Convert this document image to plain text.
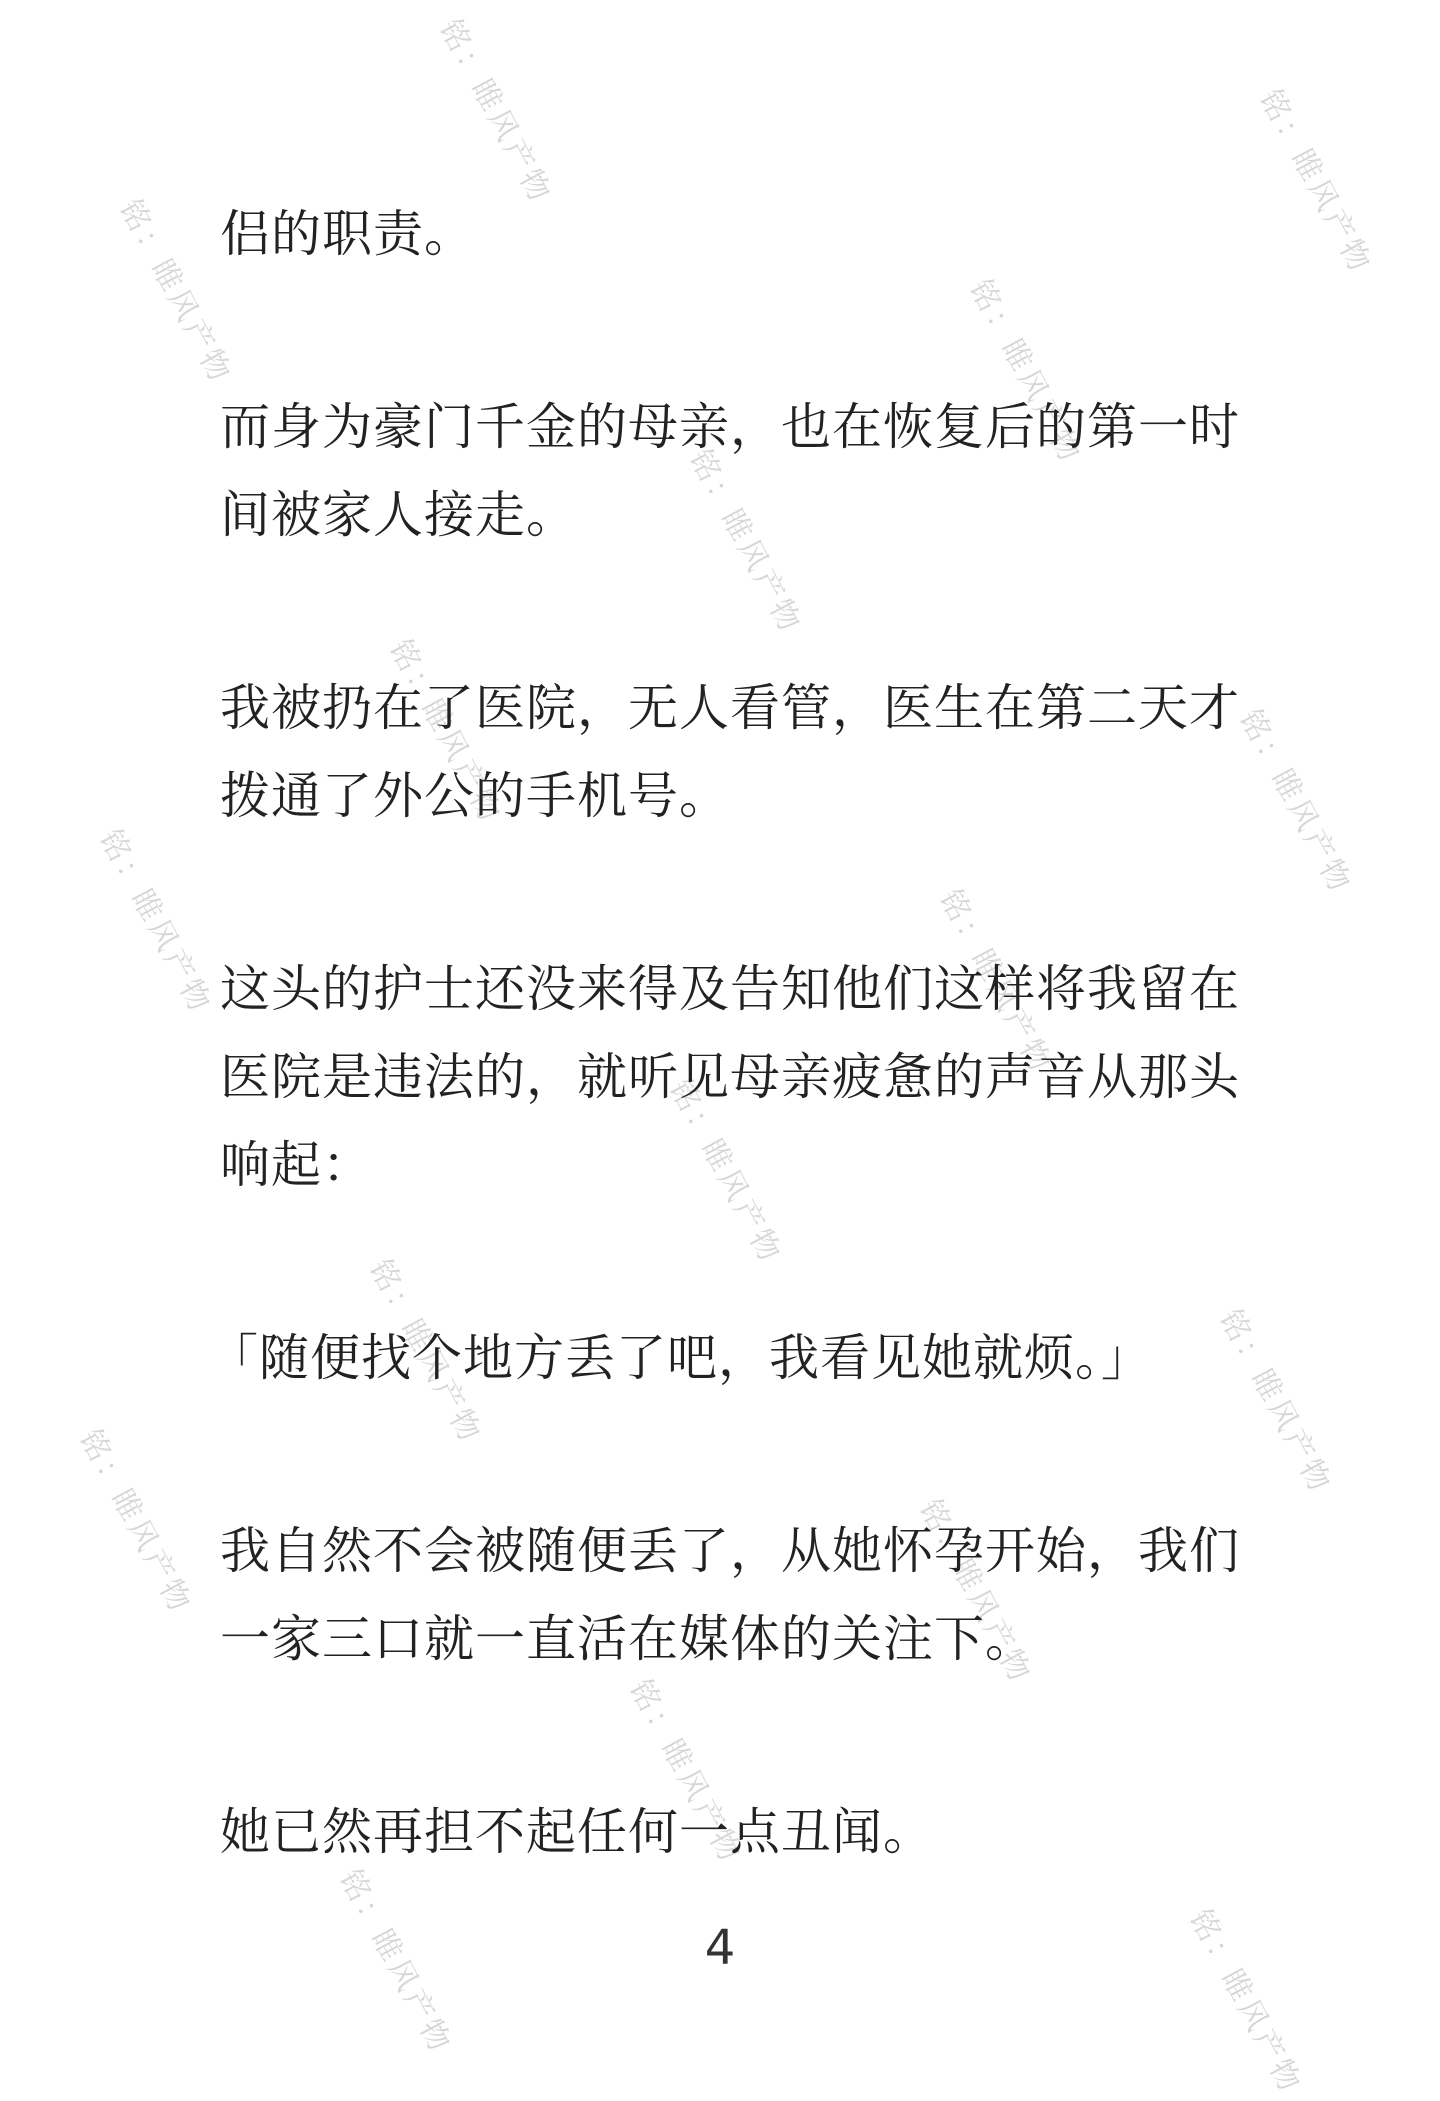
铭：睢风产物
铭：睢风产物	铭：睢风产物
铭：睢风产物
铭：睢风产物
铭：睢风产物	铭：睢风产物
铭：睢风产物	铭：睢风产物
铭：睢风产物
铭：睢风产物	铭：睢风产物
铭：睢风产物	铭：睢风产物
铭：睢风产物
铭：睢风产物	铭：睢风产物

侣的职责。

而身为豪门千金的母亲，也在恢复后的第一时间被家人接走。

我被扔在了医院，无人看管，医生在第二天才拨通了外公的手机号。

这头的护士还没来得及告知他们这样将我留在医院是违法的，就听见母亲疲惫的声音从那头响起：

「随便找个地方丢了吧，我看见她就烦。」

我自然不会被随便丢了，从她怀孕开始，我们一家三口就一直活在媒体的关注下。

她已然再担不起任何一点丑闻。

4
